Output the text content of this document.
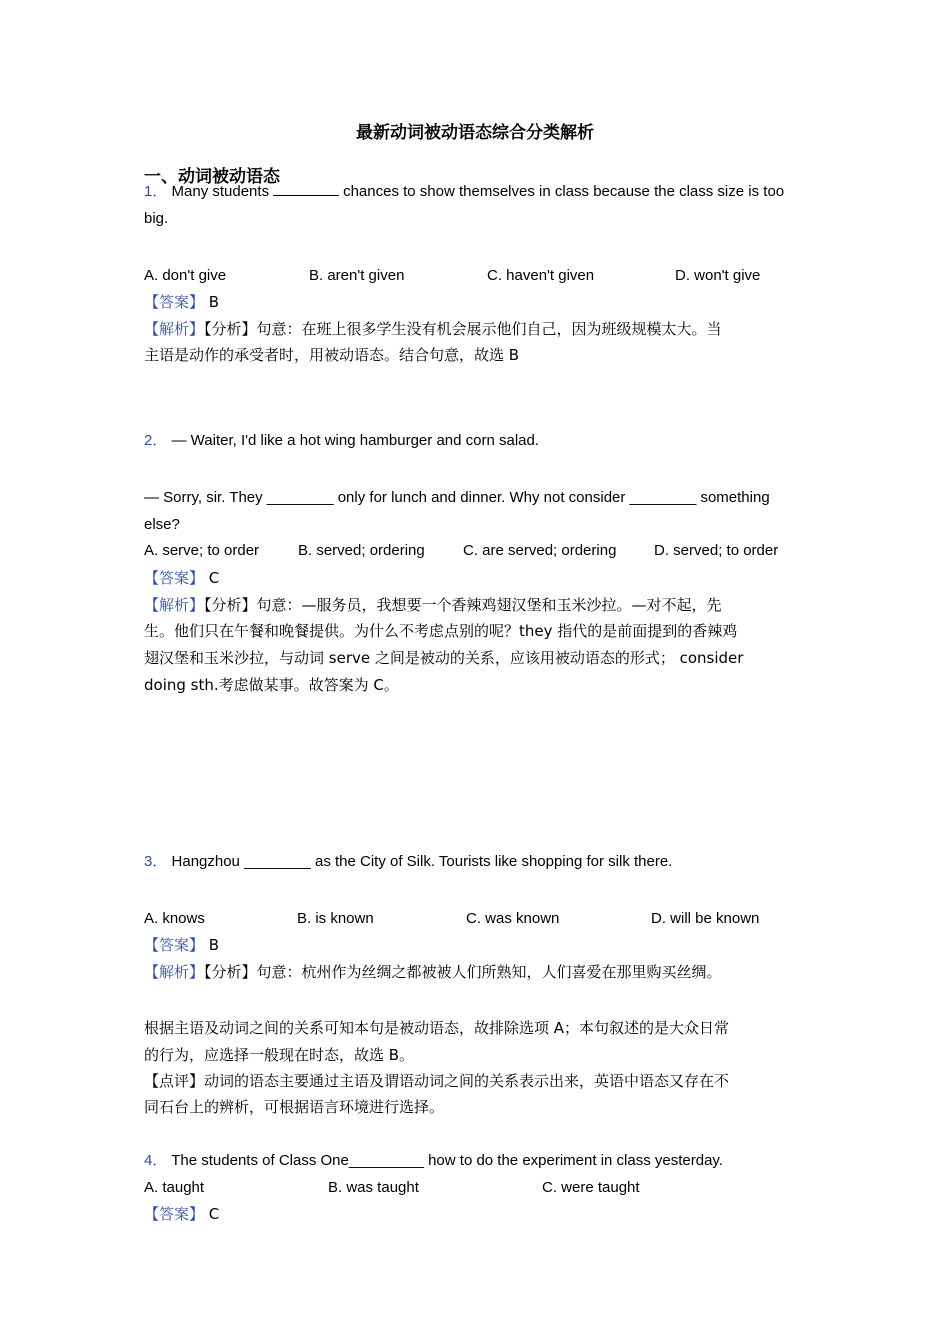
最新动词被动语态综合分类解析
一、动词被动语态
1． Many students	chances to show themselves in class because the class size is too
big.
A. don't give	B. aren't given	C. haven't given	D. won't give
【答案】 B
【解析】【分析】句意：在班上很多学生没有机会展示他们自己，因为班级规模太大。当
主语是动作的承受者时，用被动语态。结合句意，故选 B
2． — Waiter, I'd like a hot wing hamburger and corn salad.
— Sorry, sir. They ________ only for lunch and dinner. Why not consider ________ something
else?
A. serve; to order	B. served; ordering	C. are served; ordering	D. served; to order
【答案】 C
【解析】【分析】句意：—服务员，我想要一个香辣鸡翅汉堡和玉米沙拉。—对不起，先
生。他们只在午餐和晚餐提供。为什么不考虑点别的呢？they 指代的是前面提到的香辣鸡
翅汉堡和玉米沙拉，与动词 serve 之间是被动的关系，应该用被动语态的形式； consider
doing sth.考虑做某事。故答案为 C。
3． Hangzhou ________ as the City of Silk. Tourists like shopping for silk there.
A. knows	B. is known	C. was known	D. will be known
【答案】 B
【解析】【分析】句意：杭州作为丝绸之都被被人们所熟知，人们喜爱在那里购买丝绸。
根据主语及动词之间的关系可知本句是被动语态，故排除选项 A；本句叙述的是大众日常
的行为，应选择一般现在时态，故选 B。
【点评】动词的语态主要通过主语及谓语动词之间的关系表示出来，英语中语态又存在不
同石台上的辨析，可根据语言环境进行选择。
4． The students of Class One_________ how to do the experiment in class yesterday.
A. taught	B. was taught	C. were taught
【答案】 C
